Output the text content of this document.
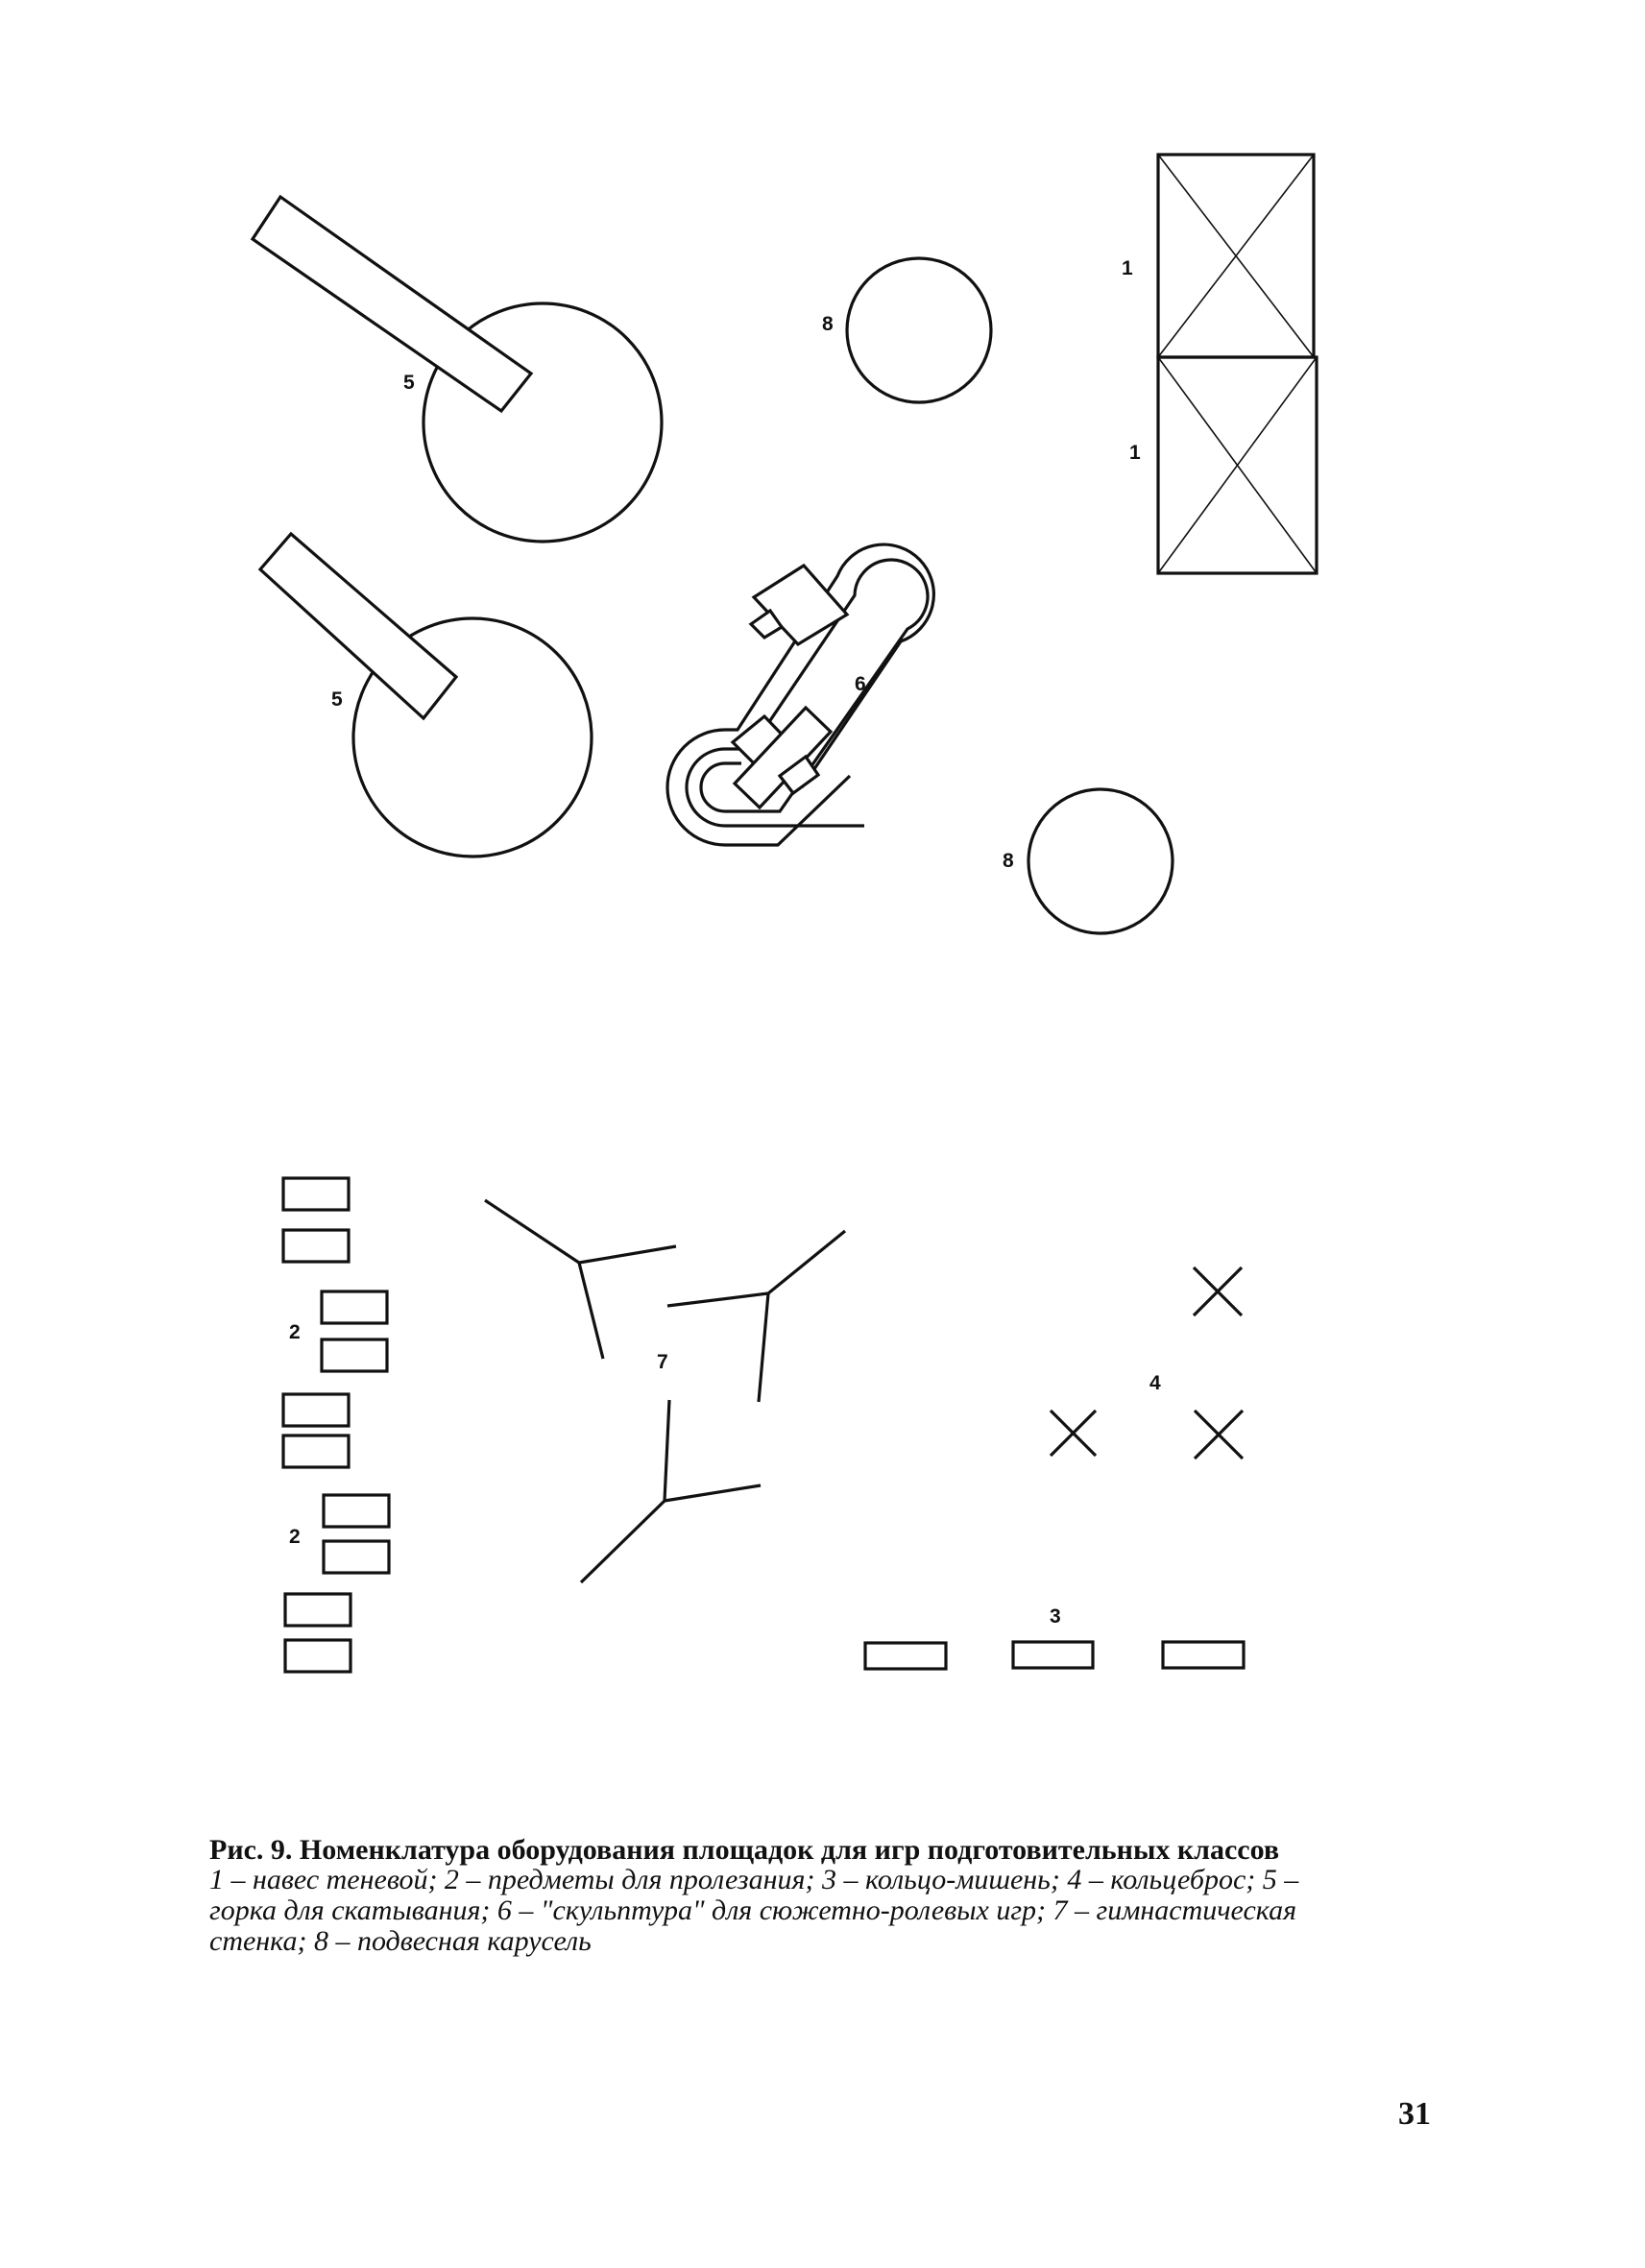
5
5
8
8
1
1
6
2
2
7
4
3
Рис. 9. Номенклатура оборудования площадок для игр подготовительных классов
1 – навес теневой; 2 – предметы для пролезания; 3 – кольцо-мишень; 4 – кольцеброс; 5 – горка для скатывания; 6 – "скульптура" для сюжетно-ролевых игр; 7 – гимнастическая стенка; 8 – подвесная карусель
31
